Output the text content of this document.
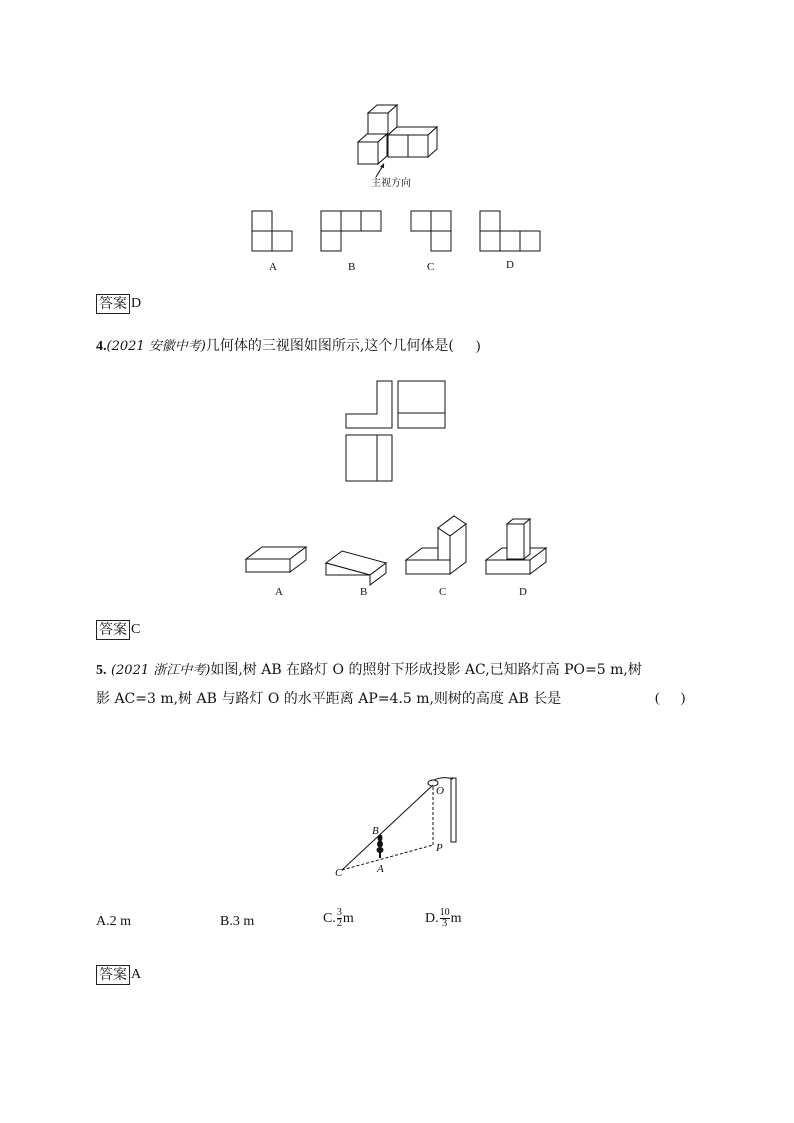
主视方向
A	B	C	D
答案 D
4.(2021 安徽中考)几何体的三视图如图所示,这个几何体是( )
A	B	C	D
答案 C
5. (2021 浙江中考)如图,树 AB 在路灯 O 的照射下形成投影 AC,已知路灯高 PO=5 m,树
影 AC=3 m,树 AB 与路灯 O 的水平距离 AP=4.5 m,则树的高度 AB 长是	(      )
O
B
A
P
C
A.2 m	B.3 m	C. $\frac{3}{2}$ m	D. $\frac{10}{3}$ m
答案 A
